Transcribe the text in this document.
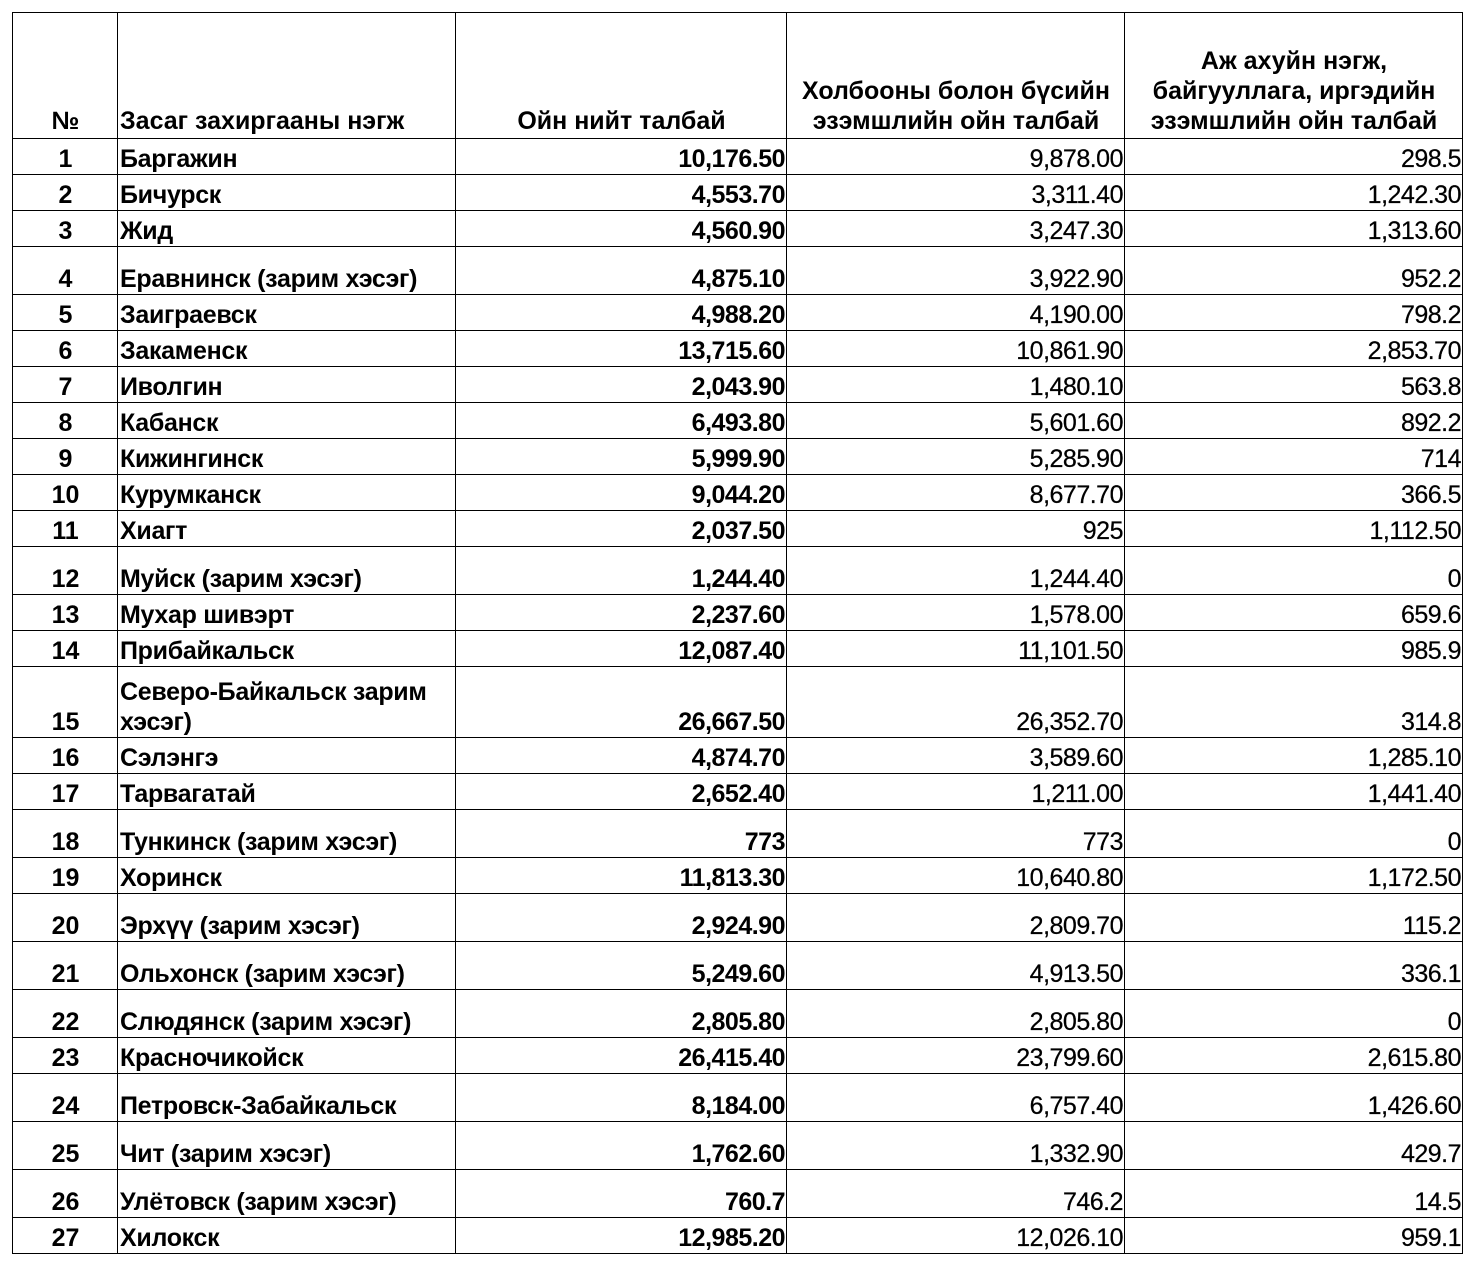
№	Засаг захиргааны нэгж	Ойн нийт талбай	Холбооны болон бүсийн эзэмшлийн ойн талбай	Аж ахуйн нэгж, байгууллага, иргэдийн эзэмшлийн ойн талбай
1	Баргажин	10,176.50	9,878.00	298.5
2	Бичурск	4,553.70	3,311.40	1,242.30
3	Жид	4,560.90	3,247.30	1,313.60
4	Еравнинск (зарим хэсэг)	4,875.10	3,922.90	952.2
5	Заиграевск	4,988.20	4,190.00	798.2
6	Закаменск	13,715.60	10,861.90	2,853.70
7	Иволгин	2,043.90	1,480.10	563.8
8	Кабанск	6,493.80	5,601.60	892.2
9	Кижингинск	5,999.90	5,285.90	714
10	Курумканск	9,044.20	8,677.70	366.5
11	Хиагт	2,037.50	925	1,112.50
12	Муйск (зарим хэсэг)	1,244.40	1,244.40	0
13	Мухар шивэрт	2,237.60	1,578.00	659.6
14	Прибайкальск	12,087.40	11,101.50	985.9
15	Северо-Байкальск зарим хэсэг)	26,667.50	26,352.70	314.8
16	Сэлэнгэ	4,874.70	3,589.60	1,285.10
17	Тарвагатай	2,652.40	1,211.00	1,441.40
18	Тункинск (зарим хэсэг)	773	773	0
19	Хоринск	11,813.30	10,640.80	1,172.50
20	Эрхүү (зарим хэсэг)	2,924.90	2,809.70	115.2
21	Ольхонск (зарим хэсэг)	5,249.60	4,913.50	336.1
22	Слюдянск (зарим хэсэг)	2,805.80	2,805.80	0
23	Красночикойск	26,415.40	23,799.60	2,615.80
24	Петровск-Забайкальск	8,184.00	6,757.40	1,426.60
25	Чит (зарим хэсэг)	1,762.60	1,332.90	429.7
26	Улётовск (зарим хэсэг)	760.7	746.2	14.5
27	Хилокск	12,985.20	12,026.10	959.1
